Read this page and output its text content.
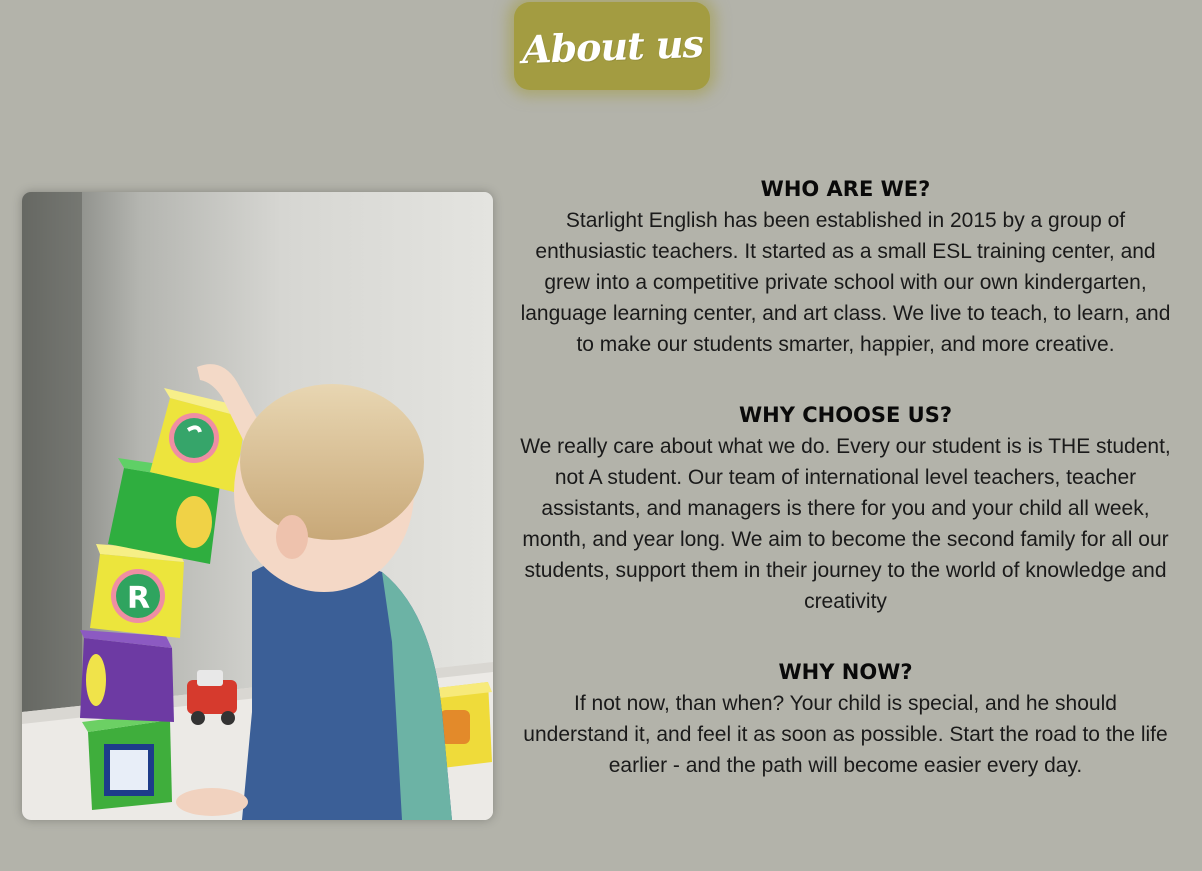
About us
R
WHO ARE WE?

Starlight English has been established in 2015 by a group of enthusiastic teachers. It started as a small ESL training center, and grew into a competitive private school with our own kindergarten, language learning center, and art class. We live to teach, to learn, and to make our students smarter, happier, and more creative.

WHY CHOOSE US?

We really care about what we do. Every our student is is THE student, not A student. Our team of international level teachers, teacher assistants, and managers is there for you and your child all week, month, and year long. We aim to become the second family for all our students, support them in their journey to the world of knowledge and creativity

WHY NOW?

If not now, than when? Your child is special, and he should understand it, and feel it as soon as possible. Start the road to the life earlier - and the path will become easier every day.
